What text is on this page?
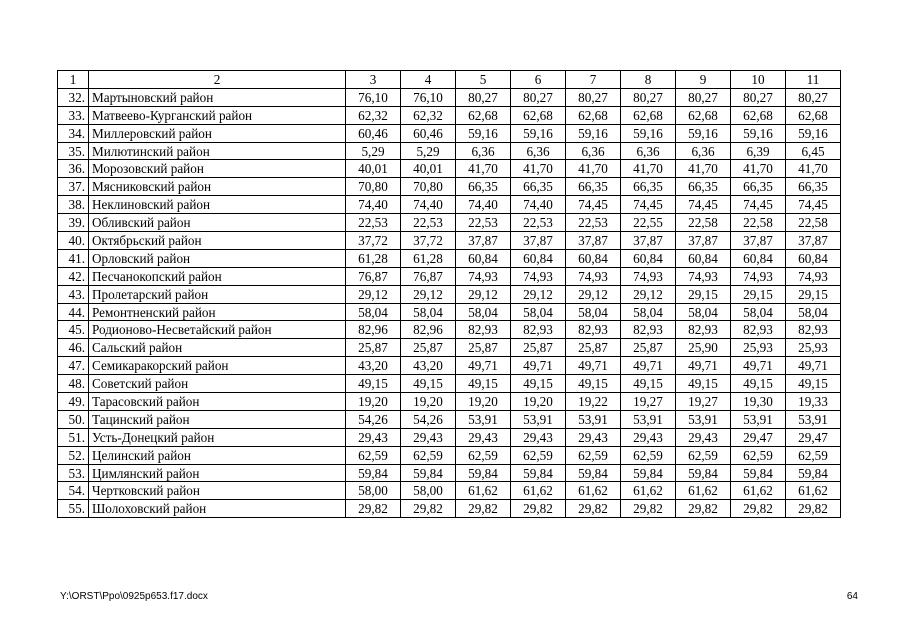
1	2	3	4	5	6	7	8	9	10	11
32.	Мартыновский район	76,10	76,10	80,27	80,27	80,27	80,27	80,27	80,27	80,27
33.	Матвеево-Курганский район	62,32	62,32	62,68	62,68	62,68	62,68	62,68	62,68	62,68
34.	Миллеровский район	60,46	60,46	59,16	59,16	59,16	59,16	59,16	59,16	59,16
35.	Милютинский район	5,29	5,29	6,36	6,36	6,36	6,36	6,36	6,39	6,45
36.	Морозовский район	40,01	40,01	41,70	41,70	41,70	41,70	41,70	41,70	41,70
37.	Мясниковский район	70,80	70,80	66,35	66,35	66,35	66,35	66,35	66,35	66,35
38.	Неклиновский район	74,40	74,40	74,40	74,40	74,45	74,45	74,45	74,45	74,45
39.	Обливский район	22,53	22,53	22,53	22,53	22,53	22,55	22,58	22,58	22,58
40.	Октябрьский район	37,72	37,72	37,87	37,87	37,87	37,87	37,87	37,87	37,87
41.	Орловский район	61,28	61,28	60,84	60,84	60,84	60,84	60,84	60,84	60,84
42.	Песчанокопский район	76,87	76,87	74,93	74,93	74,93	74,93	74,93	74,93	74,93
43.	Пролетарский район	29,12	29,12	29,12	29,12	29,12	29,12	29,15	29,15	29,15
44.	Ремонтненский район	58,04	58,04	58,04	58,04	58,04	58,04	58,04	58,04	58,04
45.	Родионово-Несветайский район	82,96	82,96	82,93	82,93	82,93	82,93	82,93	82,93	82,93
46.	Сальский район	25,87	25,87	25,87	25,87	25,87	25,87	25,90	25,93	25,93
47.	Семикаракорский район	43,20	43,20	49,71	49,71	49,71	49,71	49,71	49,71	49,71
48.	Советский район	49,15	49,15	49,15	49,15	49,15	49,15	49,15	49,15	49,15
49.	Тарасовский район	19,20	19,20	19,20	19,20	19,22	19,27	19,27	19,30	19,33
50.	Тацинский район	54,26	54,26	53,91	53,91	53,91	53,91	53,91	53,91	53,91
51.	Усть-Донецкий район	29,43	29,43	29,43	29,43	29,43	29,43	29,43	29,47	29,47
52.	Целинский район	62,59	62,59	62,59	62,59	62,59	62,59	62,59	62,59	62,59
53.	Цимлянский район	59,84	59,84	59,84	59,84	59,84	59,84	59,84	59,84	59,84
54.	Чертковский район	58,00	58,00	61,62	61,62	61,62	61,62	61,62	61,62	61,62
55.	Шолоховский район	29,82	29,82	29,82	29,82	29,82	29,82	29,82	29,82	29,82
Y:\ORST\Ppo\0925p653.f17.docx	64
